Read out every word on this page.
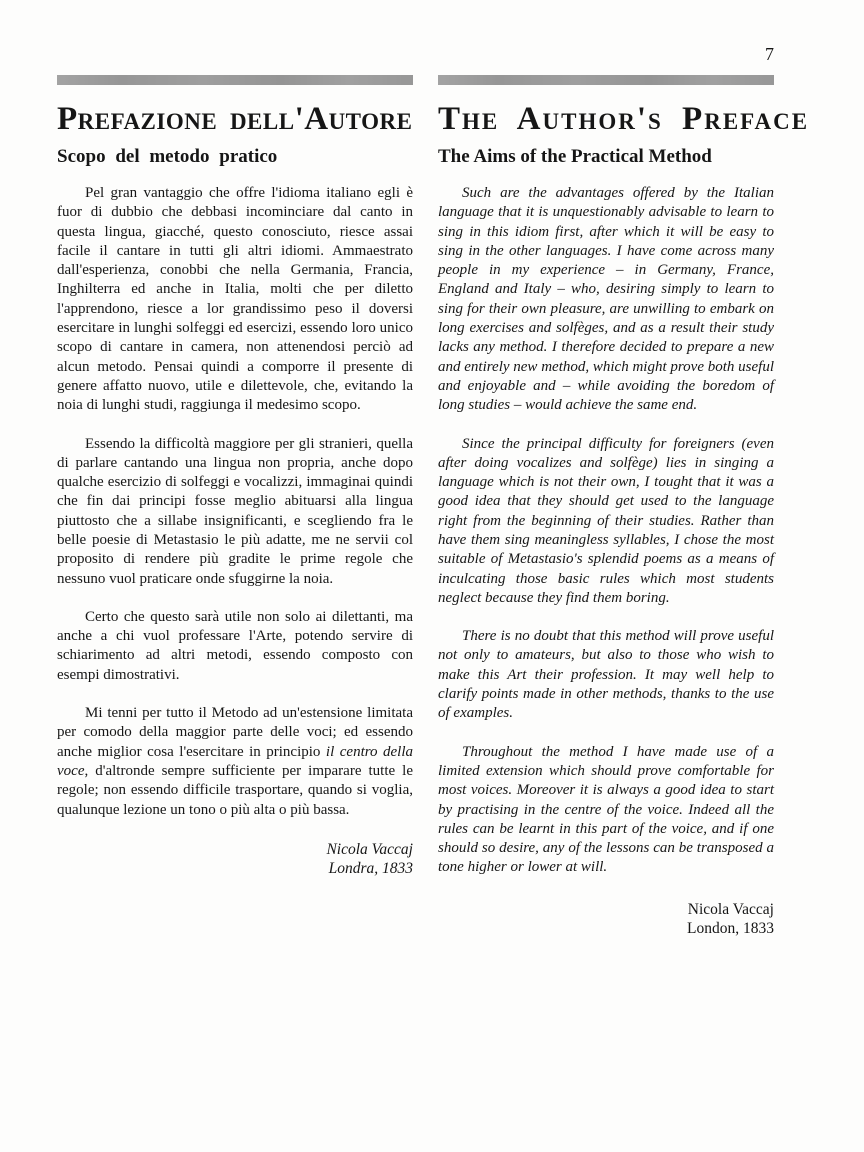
7
Prefazione dell'Autore
Scopo del metodo pratico

Pel gran vantaggio che offre l'idioma italiano egli è fuor di dubbio che debbasi incominciare dal canto in questa lingua, giacché, questo conosciuto, riesce assai facile il cantare in tutti gli altri idiomi. Ammaestrato dall'esperienza, conobbi che nella Germania, Francia, Inghilterra ed anche in Italia, molti che per diletto l'apprendono, riesce a lor grandissimo peso il doversi esercitare in lunghi solfeggi ed esercizi, essendo loro unico scopo di cantare in camera, non attenendosi perciò ad alcun metodo. Pensai quindi a comporre il presente di genere affatto nuovo, utile e dilettevole, che, evitando la noia di lunghi studi, raggiunga il medesimo scopo.

Essendo la difficoltà maggiore per gli stranieri, quella di parlare cantando una lingua non propria, anche dopo qualche esercizio di solfeggi e vocalizzi, immaginai quindi che fin dai principi fosse meglio abituarsi alla lingua piuttosto che a sillabe insignificanti, e scegliendo fra le belle poesie di Metastasio le più adatte, me ne servii col proposito di rendere più gradite le prime regole che nessuno vuol praticare onde sfuggirne la noia.

Certo che questo sarà utile non solo ai dilettanti, ma anche a chi vuol professare l'Arte, potendo servire di schiarimento ad altri metodi, essendo composto con esempi dimostrativi.

Mi tenni per tutto il Metodo ad un'estensione limitata per comodo della maggior parte delle voci; ed essendo anche miglior cosa l'esercitare in principio il centro della voce, d'altronde sempre sufficiente per imparare tutte le regole; non essendo difficile trasportare, quando si voglia, qualunque lezione un tono o più alta o più bassa.

Nicola Vaccaj
Londra, 1833
The Author's Preface
The Aims of the Practical Method

Such are the advantages offered by the Italian language that it is unquestionably advisable to learn to sing in this idiom first, after which it will be easy to sing in the other languages. I have come across many people in my experience – in Germany, France, England and Italy – who, desiring simply to learn to sing for their own pleasure, are unwilling to embark on long exercises and solfèges, and as a result their study lacks any method. I therefore decided to prepare a new and entirely new method, which might prove both useful and enjoyable and – while avoiding the boredom of long studies – would achieve the same end.

Since the principal difficulty for foreigners (even after doing vocalizes and solfège) lies in singing a language which is not their own, I tought that it was a good idea that they should get used to the language right from the beginning of their studies. Rather than have them sing meaningless syllables, I chose the most suitable of Metastasio's splendid poems as a means of inculcating those basic rules which most students neglect because they find them boring.

There is no doubt that this method will prove useful not only to amateurs, but also to those who wish to make this Art their profession. It may well help to clarify points made in other methods, thanks to the use of examples.

Throughout the method I have made use of a limited extension which should prove comfortable for most voices. Moreover it is always a good idea to start by practising in the centre of the voice. Indeed all the rules can be learnt in this part of the voice, and if one should so desire, any of the lessons can be transposed a tone higher or lower at will.

Nicola Vaccaj
London, 1833
